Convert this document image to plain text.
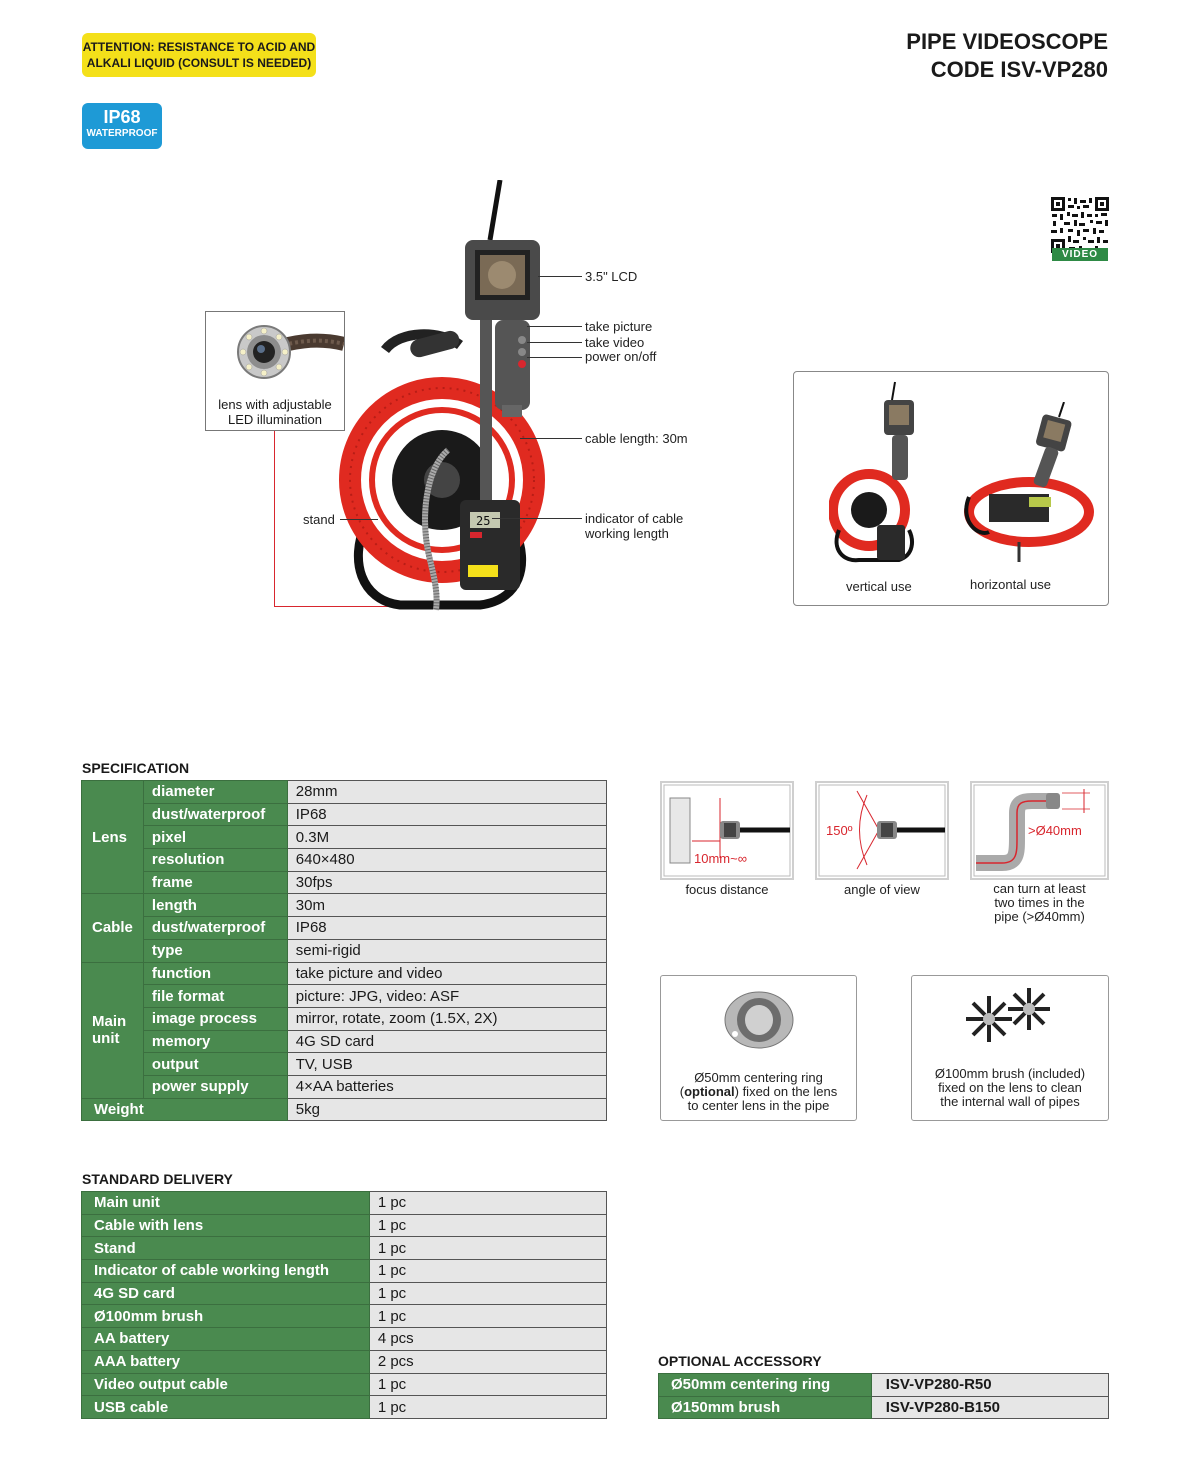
ATTENTION: RESISTANCE TO ACID AND
ALKALI LIQUID (CONSULT IS NEEDED)
IP68
WATERPROOF
PIPE VIDEOSCOPE
CODE ISV-VP280
VIDEO
lens with adjustable
LED illumination
25
3.5" LCD
take picture
take video
power on/off
cable length: 30m
indicator of cable
working length
stand
vertical use	horizontal use
SPECIFICATION
Lens	diameter	28mm
	dust/waterproof	IP68
	pixel	0.3M
	resolution	640×480
	frame	30fps
Cable	length	30m
	dust/waterproof	IP68
	type	semi-rigid

Main
unit	function	take picture and video
	file format	picture: JPG, video: ASF
	image process	mirror, rotate, zoom (1.5X, 2X)
	memory	4G SD card
	output	TV, USB
	power supply	4×AA batteries
Weight		5kg
10mm~∞
focus distance
150º
angle of view
>Ø40mm
can turn at least
two times in the
pipe (>Ø40mm)
Ø50mm centering ring
(optional) fixed on the lens
to center lens in the pipe
Ø100mm brush (included)
fixed on the lens to clean
the internal wall of pipes
STANDARD DELIVERY
Main unit	1 pc
Cable with lens	1 pc
Stand	1 pc
Indicator of cable working length	1 pc
4G SD card	1 pc
Ø100mm brush	1 pc
AA battery	4 pcs
AAA battery	2 pcs
Video output cable	1 pc
USB cable	1 pc
OPTIONAL ACCESSORY
Ø50mm centering ring	ISV-VP280-R50
Ø150mm brush	ISV-VP280-B150
